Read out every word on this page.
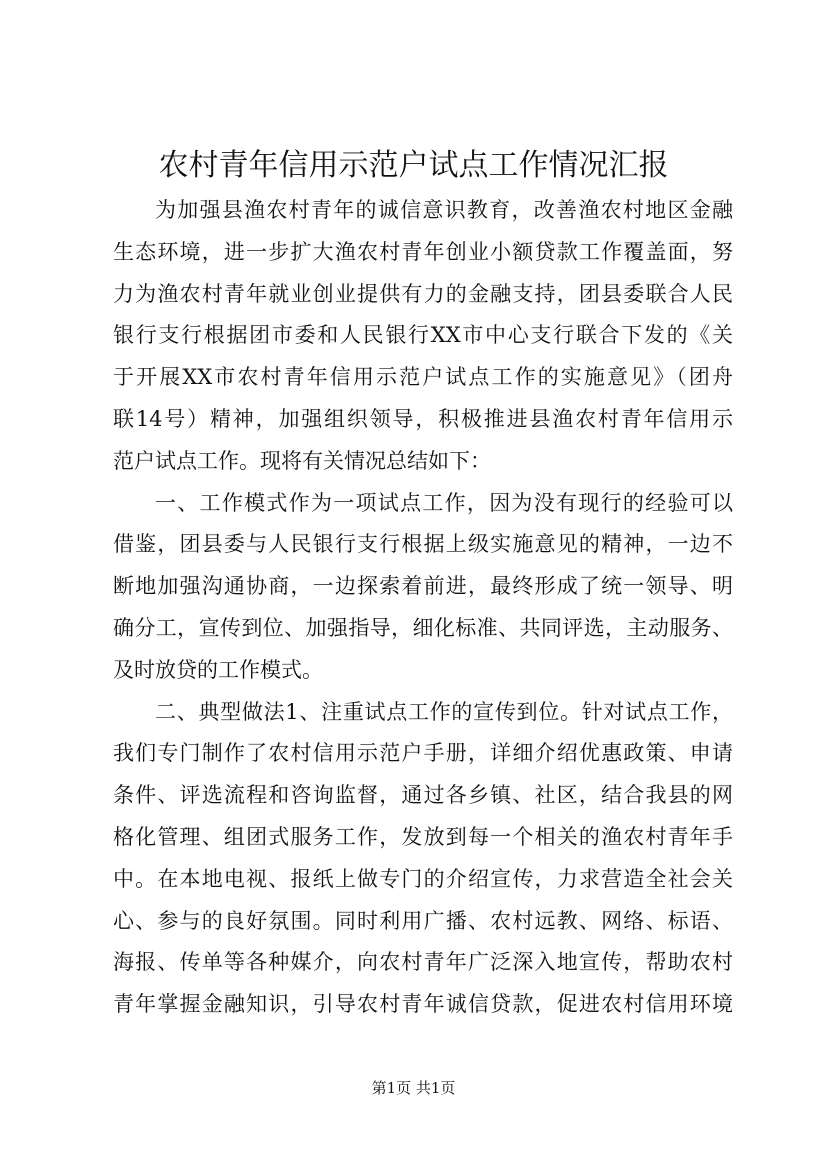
农村青年信用示范户试点工作情况汇报
为加强县渔农村青年的诚信意识教育，改善渔农村地区金融
生态环境，进一步扩大渔农村青年创业小额贷款工作覆盖面，努
力为渔农村青年就业创业提供有力的金融支持，团县委联合人民
银行支行根据团市委和人民银行XX市中心支行联合下发的《关
于开展XX市农村青年信用示范户试点工作的实施意见》（团舟
联14号）精神，加强组织领导，积极推进县渔农村青年信用示
范户试点工作。现将有关情况总结如下：
一、工作模式作为一项试点工作，因为没有现行的经验可以
借鉴，团县委与人民银行支行根据上级实施意见的精神，一边不
断地加强沟通协商，一边探索着前进，最终形成了统一领导、明
确分工，宣传到位、加强指导，细化标准、共同评选，主动服务、
及时放贷的工作模式。
二、典型做法1、注重试点工作的宣传到位。针对试点工作，
我们专门制作了农村信用示范户手册，详细介绍优惠政策、申请
条件、评选流程和咨询监督，通过各乡镇、社区，结合我县的网
格化管理、组团式服务工作，发放到每一个相关的渔农村青年手
中。在本地电视、报纸上做专门的介绍宣传，力求营造全社会关
心、参与的良好氛围。同时利用广播、农村远教、网络、标语、
海报、传单等各种媒介，向农村青年广泛深入地宣传，帮助农村
青年掌握金融知识，引导农村青年诚信贷款，促进农村信用环境
第1页 共1页
